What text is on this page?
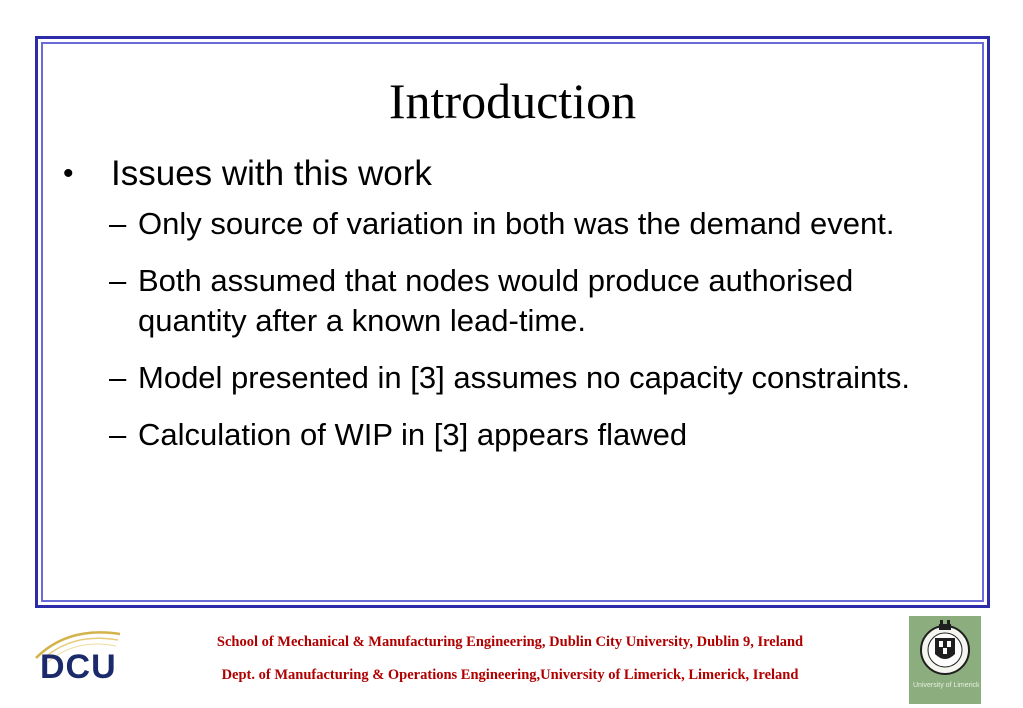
Introduction
• Issues with this work
– Only source of variation in both was the demand event.
– Both assumed that nodes would produce authorised quantity after a known lead-time.
– Model presented in [3] assumes no capacity constraints.
– Calculation of WIP in [3] appears flawed
DCU
School of Mechanical & Manufacturing Engineering, Dublin City University, Dublin 9, Ireland
Dept. of Manufacturing & Operations Engineering,University of Limerick, Limerick, Ireland
University of Limerick
